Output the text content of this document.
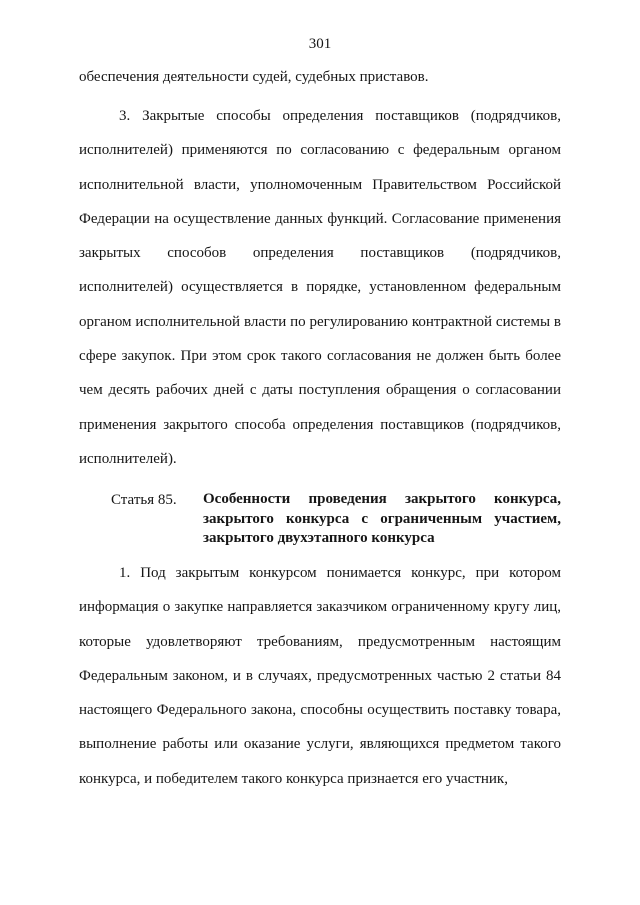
301

обеспечения деятельности судей, судебных приставов.

3. Закрытые способы определения поставщиков (подрядчиков, исполнителей) применяются по согласованию с федеральным органом исполнительной власти, уполномоченным Правительством Российской Федерации на осуществление данных функций. Согласование применения закрытых способов определения поставщиков (подрядчиков, исполнителей) осуществляется в порядке, установленном федеральным органом исполнительной власти по регулированию контрактной системы в сфере закупок. При этом срок такого согласования не должен быть более чем десять рабочих дней с даты поступления обращения о согласовании применения закрытого способа определения поставщиков (подрядчиков, исполнителей).

Статья 85. Особенности проведения закрытого конкурса, закрытого конкурса с ограниченным участием, закрытого двухэтапного конкурса

1. Под закрытым конкурсом понимается конкурс, при котором информация о закупке направляется заказчиком ограниченному кругу лиц, которые удовлетворяют требованиям, предусмотренным настоящим Федеральным законом, и в случаях, предусмотренных частью 2 статьи 84 настоящего Федерального закона, способны осуществить поставку товара, выполнение работы или оказание услуги, являющихся предметом такого конкурса, и победителем такого конкурса признается его участник,
